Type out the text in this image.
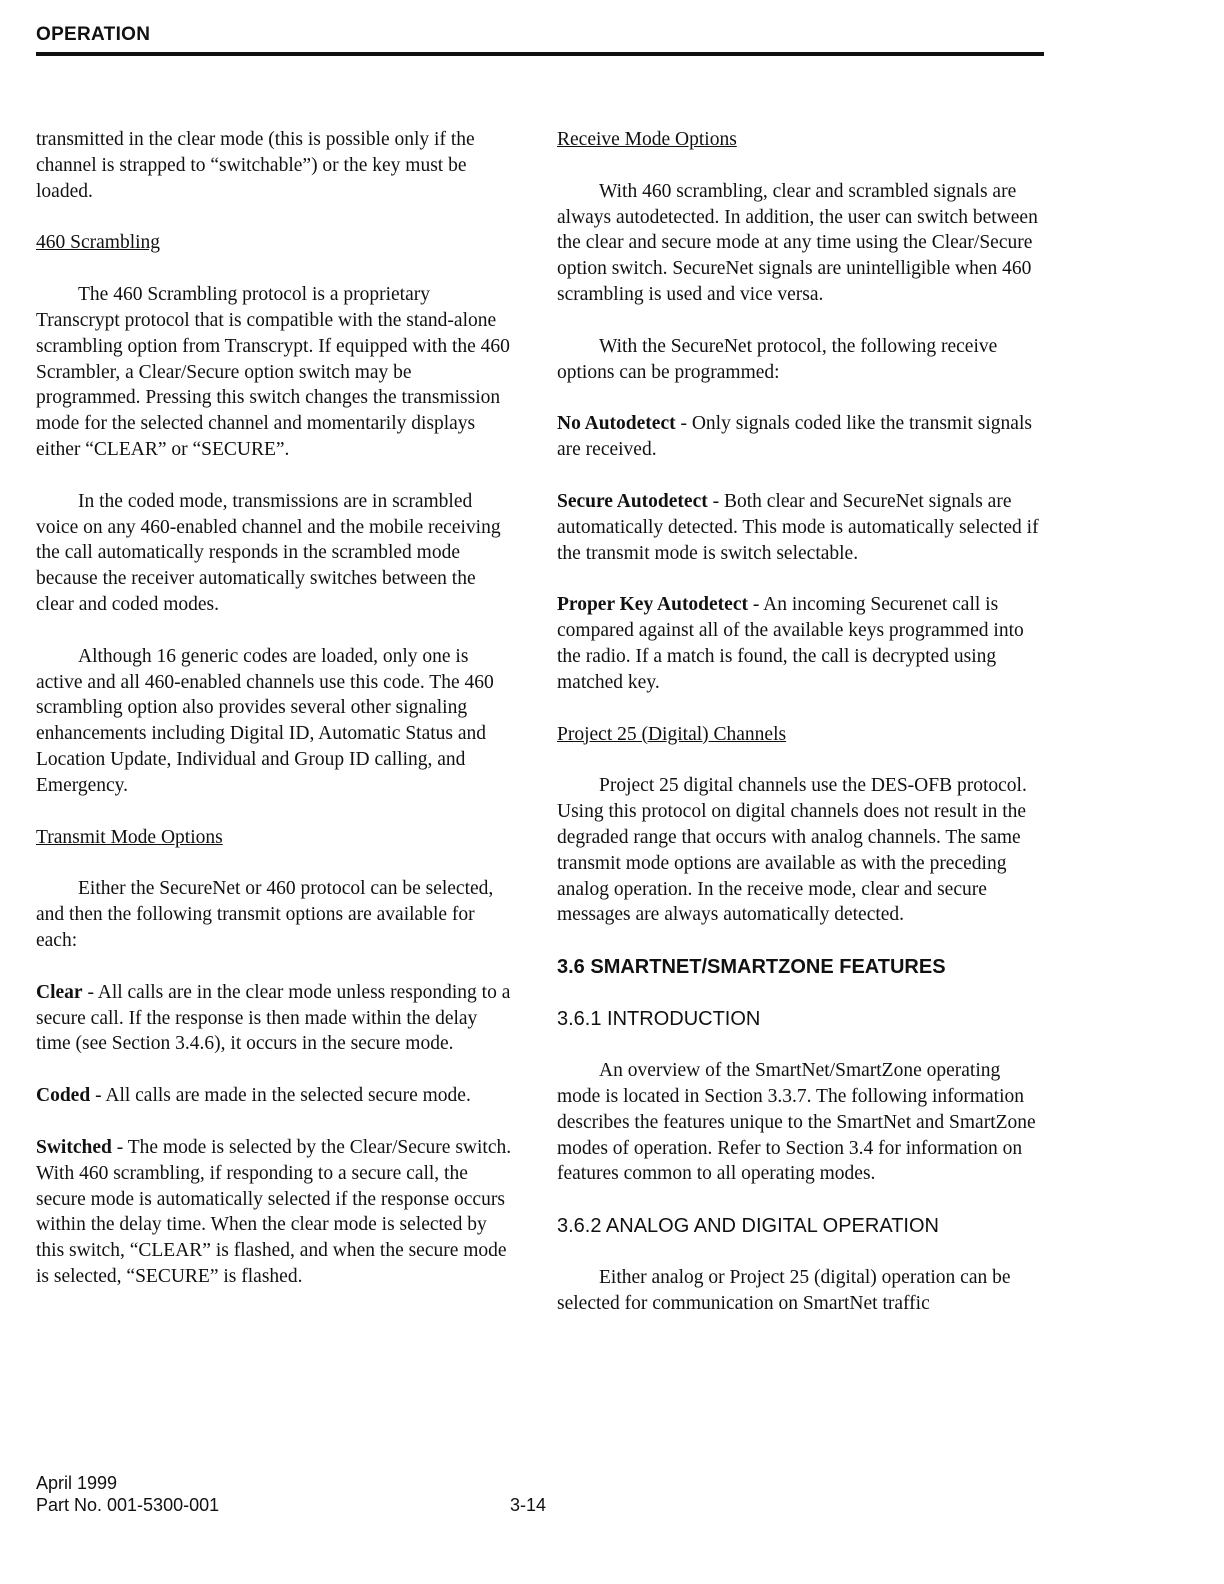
OPERATION

transmitted in the clear mode (this is possible only if the channel is strapped to “switchable”) or the key must be loaded.

460 Scrambling

The 460 Scrambling protocol is a proprietary Transcrypt protocol that is compatible with the stand-alone scrambling option from Transcrypt. If equipped with the 460 Scrambler, a Clear/Secure option switch may be programmed. Pressing this switch changes the transmission mode for the selected channel and momentarily displays either “CLEAR” or “SECURE”.

In the coded mode, transmissions are in scrambled voice on any 460-enabled channel and the mobile receiving the call automatically responds in the scrambled mode because the receiver automatically switches between the clear and coded modes.

Although 16 generic codes are loaded, only one is active and all 460-enabled channels use this code. The 460 scrambling option also provides several other signaling enhancements including Digital ID, Automatic Status and Location Update, Individual and Group ID calling, and Emergency.

Transmit Mode Options

Either the SecureNet or 460 protocol can be selected, and then the following transmit options are available for each:

Clear - All calls are in the clear mode unless responding to a secure call. If the response is then made within the delay time (see Section 3.4.6), it occurs in the secure mode.

Coded - All calls are made in the selected secure mode.

Switched - The mode is selected by the Clear/Secure switch. With 460 scrambling, if responding to a secure call, the secure mode is automatically selected if the response occurs within the delay time. When the clear mode is selected by this switch, “CLEAR” is flashed, and when the secure mode is selected, “SECURE” is flashed.

Receive Mode Options

With 460 scrambling, clear and scrambled signals are always autodetected. In addition, the user can switch between the clear and secure mode at any time using the Clear/Secure option switch. SecureNet signals are unintelligible when 460 scrambling is used and vice versa.

With the SecureNet protocol, the following receive options can be programmed:

No Autodetect - Only signals coded like the transmit signals are received.

Secure Autodetect - Both clear and SecureNet signals are automatically detected. This mode is automatically selected if the transmit mode is switch selectable.

Proper Key Autodetect - An incoming Securenet call is compared against all of the available keys programmed into the radio. If a match is found, the call is decrypted using matched key.

Project 25 (Digital) Channels

Project 25 digital channels use the DES-OFB protocol. Using this protocol on digital channels does not result in the degraded range that occurs with analog channels. The same transmit mode options are available as with the preceding analog operation. In the receive mode, clear and secure messages are always automatically detected.

3.6 SMARTNET/SMARTZONE FEATURES
3.6.1 INTRODUCTION

An overview of the SmartNet/SmartZone operating mode is located in Section 3.3.7. The following information describes the features unique to the SmartNet and SmartZone modes of operation. Refer to Section 3.4 for information on features common to all operating modes.

3.6.2 ANALOG AND DIGITAL OPERATION

Either analog or Project 25 (digital) operation can be selected for communication on SmartNet traffic

April 1999
Part No. 001-5300-001	3-14
